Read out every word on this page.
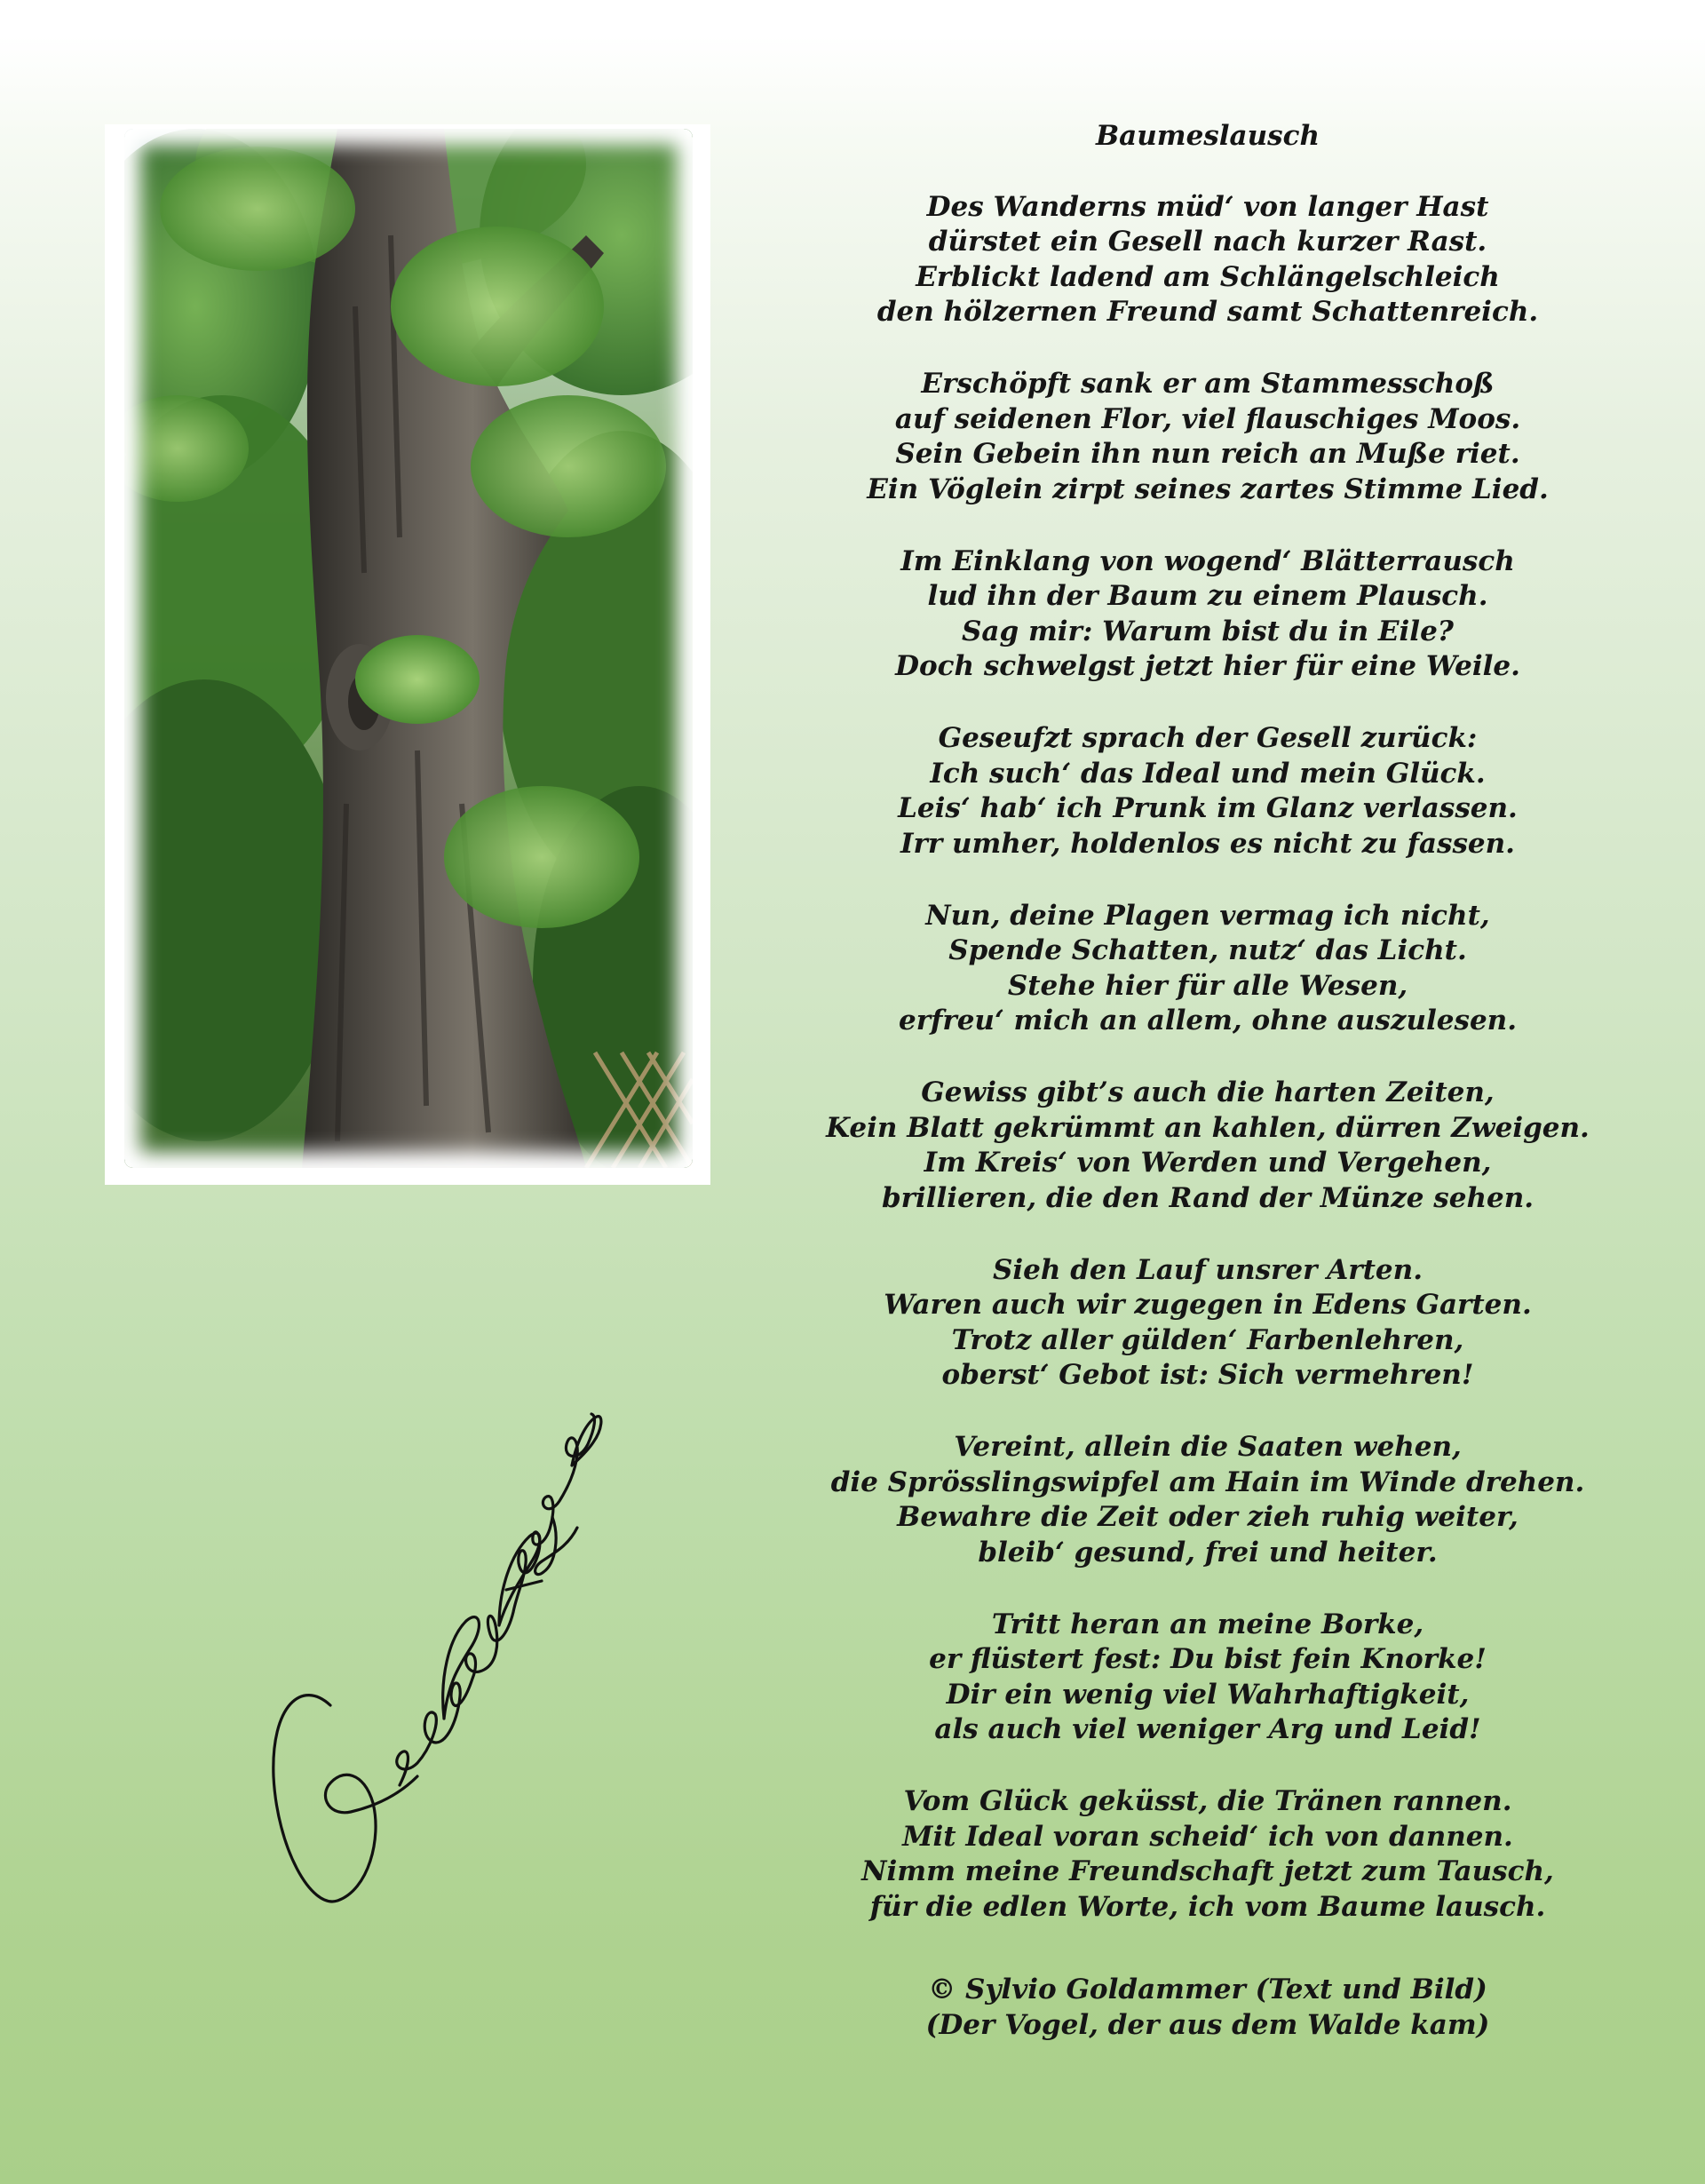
Baumeslausch
Des Wanderns müd‘ von langer Hast
dürstet ein Gesell nach kurzer Rast.
Erblickt ladend am Schlängelschleich
den hölzernen Freund samt Schattenreich.
Erschöpft sank er am Stammesschoß
auf seidenen Flor, viel flauschiges Moos.
Sein Gebein ihn nun reich an Muße riet.
Ein Vöglein zirpt seines zartes Stimme Lied.
Im Einklang von wogend‘ Blätterrausch
lud ihn der Baum zu einem Plausch.
Sag mir: Warum bist du in Eile?
Doch schwelgst jetzt hier für eine Weile.
Geseufzt sprach der Gesell zurück:
Ich such‘ das Ideal und mein Glück.
Leis‘ hab‘ ich Prunk im Glanz verlassen.
Irr umher, holdenlos es nicht zu fassen.
Nun, deine Plagen vermag ich nicht,
Spende Schatten, nutz‘ das Licht.
Stehe hier für alle Wesen,
erfreu‘ mich an allem, ohne auszulesen.
Gewiss gibt’s auch die harten Zeiten,
Kein Blatt gekrümmt an kahlen, dürren Zweigen.
Im Kreis‘ von Werden und Vergehen,
brillieren, die den Rand der Münze sehen.
Sieh den Lauf unsrer Arten.
Waren auch wir zugegen in Edens Garten.
Trotz aller gülden‘ Farbenlehren,
oberst‘ Gebot ist: Sich vermehren!
Vereint, allein die Saaten wehen,
die Sprösslingswipfel am Hain im Winde drehen.
Bewahre die Zeit oder zieh ruhig weiter,
bleib‘ gesund, frei und heiter.
Tritt heran an meine Borke,
er flüstert fest: Du bist fein Knorke!
Dir ein wenig viel Wahrhaftigkeit,
als auch viel weniger Arg und Leid!
Vom Glück geküsst, die Tränen rannen.
Mit Ideal voran scheid‘ ich von dannen.
Nimm meine Freundschaft jetzt zum Tausch,
für die edlen Worte, ich vom Baume lausch.
© Sylvio Goldammer (Text und Bild)
(Der Vogel, der aus dem Walde kam)
